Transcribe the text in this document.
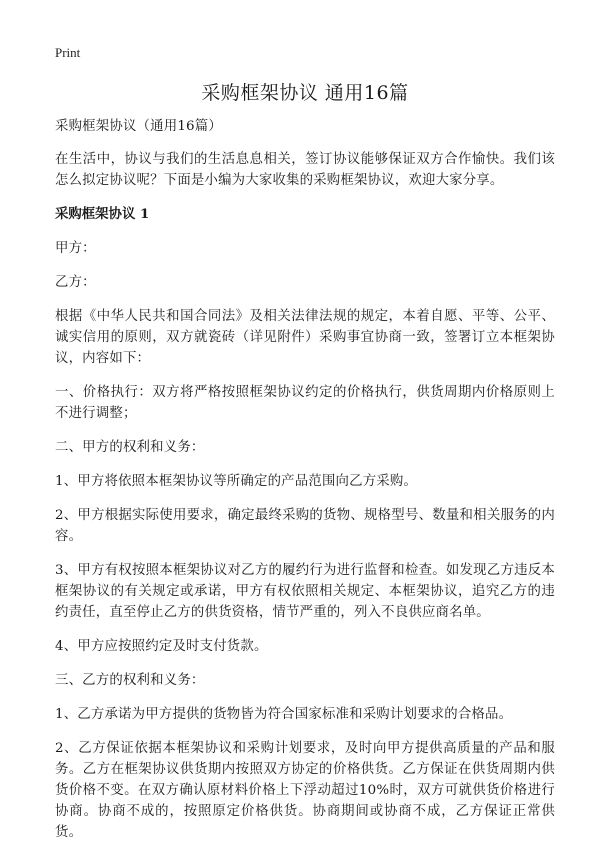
Print
采购框架协议 通用16篇

采购框架协议（通用16篇）

在生活中，协议与我们的生活息息相关，签订协议能够保证双方合作愉快。我们该怎么拟定协议呢？下面是小编为大家收集的采购框架协议，欢迎大家分享。

采购框架协议 1

甲方：

乙方：

根据《中华人民共和国合同法》及相关法律法规的规定，本着自愿、平等、公平、诚实信用的原则，双方就瓷砖（详见附件）采购事宜协商一致，签署订立本框架协议，内容如下：

一、价格执行：双方将严格按照框架协议约定的价格执行，供货周期内价格原则上不进行调整；

二、甲方的权利和义务：

1、甲方将依照本框架协议等所确定的产品范围向乙方采购。

2、甲方根据实际使用要求，确定最终采购的货物、规格型号、数量和相关服务的内容。

3、甲方有权按照本框架协议对乙方的履约行为进行监督和检查。如发现乙方违反本框架协议的有关规定或承诺，甲方有权依照相关规定、本框架协议，追究乙方的违约责任，直至停止乙方的供货资格，情节严重的，列入不良供应商名单。

4、甲方应按照约定及时支付货款。

三、乙方的权利和义务：

1、乙方承诺为甲方提供的货物皆为符合国家标准和采购计划要求的合格品。

2、乙方保证依据本框架协议和采购计划要求，及时向甲方提供高质量的产品和服务。乙方在框架协议供货期内按照双方协定的价格供货。乙方保证在供货周期内供货价格不变。在双方确认原材料价格上下浮动超过10%时，双方可就供货价格进行协商。协商不成的，按照原定价格供货。协商期间或协商不成，乙方保证正常供货。
